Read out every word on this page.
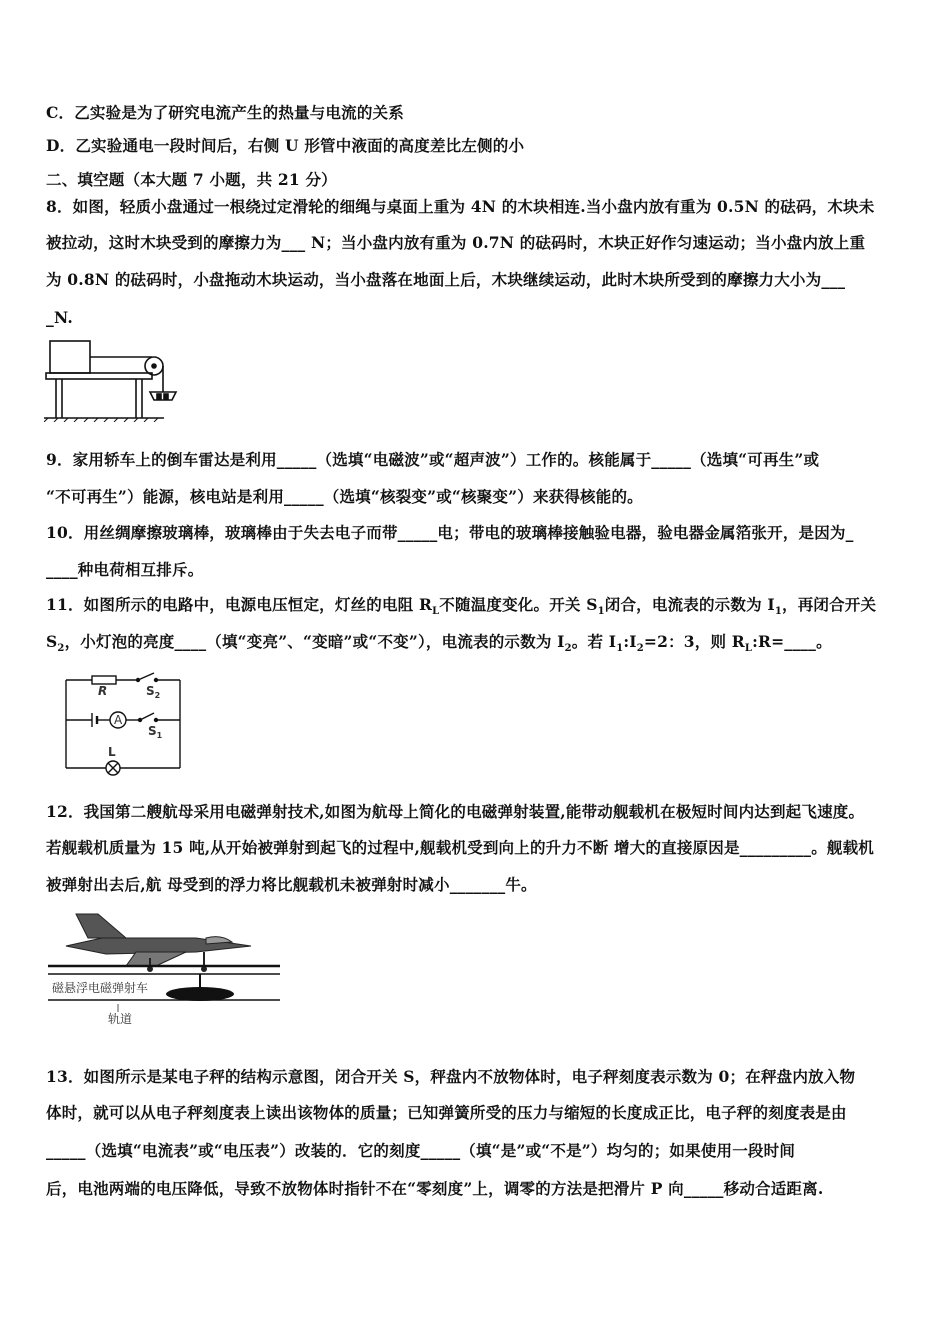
C．乙实验是为了研究电流产生的热量与电流的关系
D．乙实验通电一段时间后，右侧 U 形管中液面的高度差比左侧的小
二、填空题（本大题 7 小题，共 21 分）
8．如图，轻质小盘通过一根绕过定滑轮的细绳与桌面上重为 4N 的木块相连.当小盘内放有重为 0.5N 的砝码，木块未
被拉动，这时木块受到的摩擦力为___ N；当小盘内放有重为 0.7N 的砝码时，木块正好作匀速运动；当小盘内放上重
为 0.8N 的砝码时，小盘拖动木块运动，当小盘落在地面上后，木块继续运动，此时木块所受到的摩擦力大小为___
_N.
9．家用轿车上的倒车雷达是利用_____（选填“电磁波”或“超声波”）工作的。核能属于_____（选填“可再生”或
“不可再生”）能源，核电站是利用_____（选填“核裂变”或“核聚变”）来获得核能的。
10．用丝绸摩擦玻璃棒，玻璃棒由于失去电子而带_____电；带电的玻璃棒接触验电器，验电器金属箔张开，是因为_
____种电荷相互排斥。
11．如图所示的电路中，电源电压恒定，灯丝的电阻 $R_L$不随温度变化。开关 $S_1$闭合，电流表的示数为 $I_1$，再闭合开关
$S_2$，小灯泡的亮度____（填“变亮”、“变暗”或“不变”），电流表的示数为 $I_2$。若 $I_1:I_2=2$：3，则 $R_L:R=\_\_\_\_$。
R	$S_2$
A
$S_1$
L
12．我国第二艘航母采用电磁弹射技术,如图为航母上简化的电磁弹射装置,能带动舰载机在极短时间内达到起飞速度。
若舰载机质量为 15 吨,从开始被弹射到起飞的过程中,舰载机受到向上的升力不断 增大的直接原因是_________。舰载机
被弹射出去后,航 母受到的浮力将比舰载机未被弹射时减小_______牛。
磁悬浮电磁弹射车
轨道
13．如图所示是某电子秤的结构示意图，闭合开关 S，秤盘内不放物体时，电子秤刻度表示数为 0；在秤盘内放入物
体时，就可以从电子秤刻度表上读出该物体的质量；已知弹簧所受的压力与缩短的长度成正比，电子秤的刻度表是由
_____（选填“电流表”或“电压表”）改装的．它的刻度_____（填“是”或“不是”）均匀的；如果使用一段时间
后，电池两端的电压降低，导致不放物体时指针不在“零刻度”上，调零的方法是把滑片 P 向_____移动合适距离.
